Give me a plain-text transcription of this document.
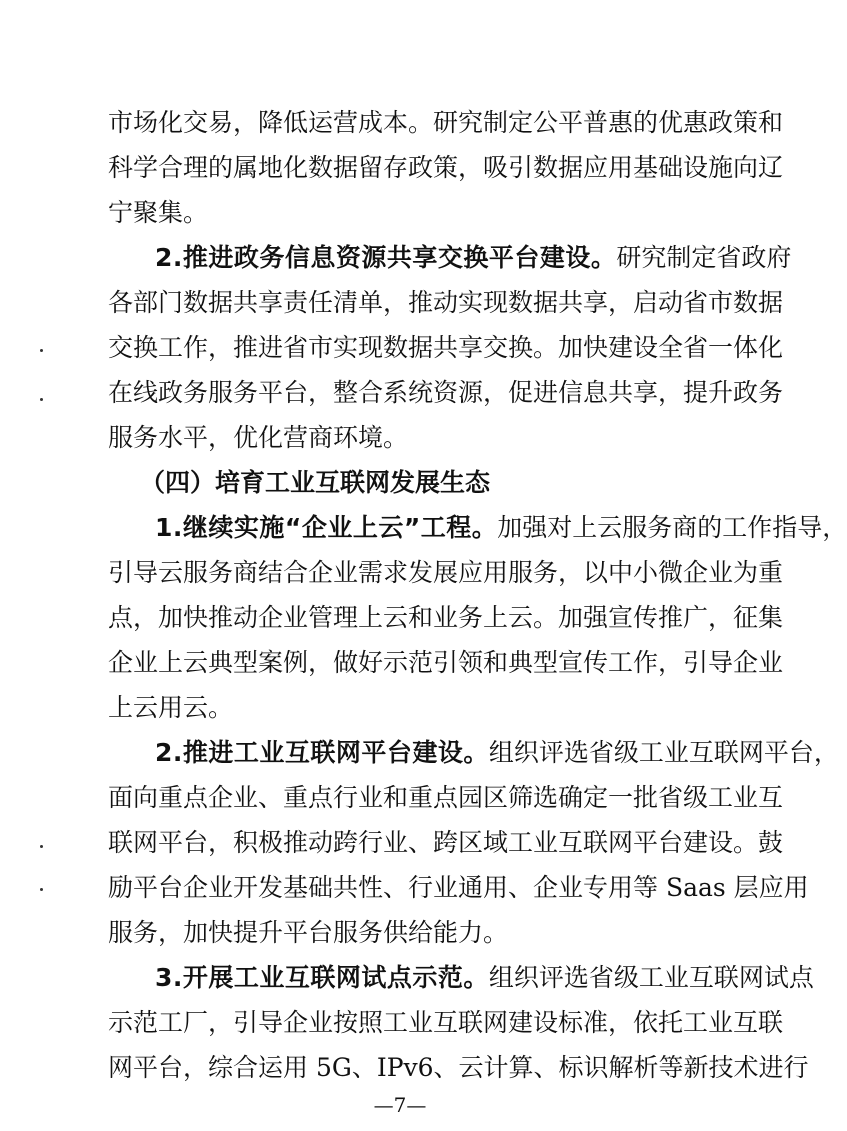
市场化交易，降低运营成本。研究制定公平普惠的优惠政策和
科学合理的属地化数据留存政策，吸引数据应用基础设施向辽
宁聚集。
2.推进政务信息资源共享交换平台建设。研究制定省政府
各部门数据共享责任清单，推动实现数据共享，启动省市数据
交换工作，推进省市实现数据共享交换。加快建设全省一体化
在线政务服务平台，整合系统资源，促进信息共享，提升政务
服务水平，优化营商环境。
（四）培育工业互联网发展生态
1.继续实施“企业上云”工程。加强对上云服务商的工作指导，
引导云服务商结合企业需求发展应用服务，以中小微企业为重
点，加快推动企业管理上云和业务上云。加强宣传推广，征集
企业上云典型案例，做好示范引领和典型宣传工作，引导企业
上云用云。
2.推进工业互联网平台建设。组织评选省级工业互联网平台，
面向重点企业、重点行业和重点园区筛选确定一批省级工业互
联网平台，积极推动跨行业、跨区域工业互联网平台建设。鼓
励平台企业开发基础共性、行业通用、企业专用等 Saas 层应用
服务，加快提升平台服务供给能力。
3.开展工业互联网试点示范。组织评选省级工业互联网试点
示范工厂，引导企业按照工业互联网建设标准，依托工业互联
网平台，综合运用 5G、IPv6、云计算、标识解析等新技术进行
—7—
